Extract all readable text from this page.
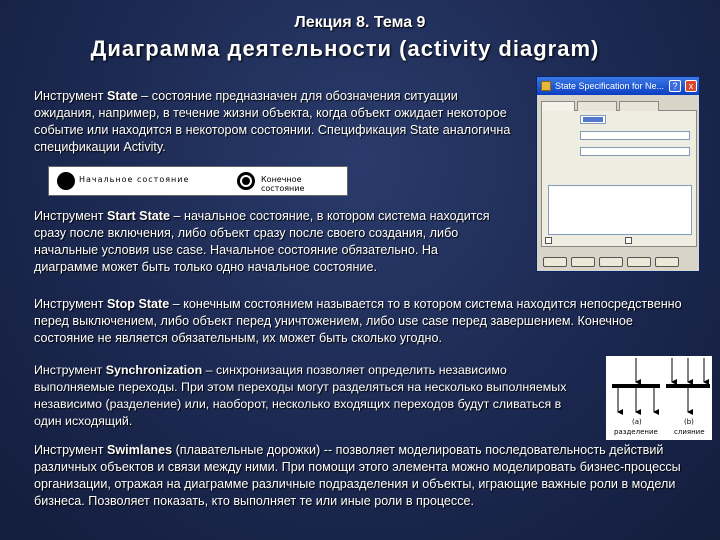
Лекция 8. Тема 9
Диаграмма деятельности (activity diagram)
Инструмент State – состояние предназначен для обозначения ситуации ожидания, например, в течение жизни объекта, когда объект ожидает некоторое событие или находится в некотором состоянии. Спецификация State аналогична спецификации Activity.
Начальное состояние	Конечное состояние
State Specification for Ne... ?	x
Инструмент Start State – начальное состояние, в котором система находится сразу после включения, либо объект сразу после своего создания, либо начальные условия use case. Начальное состояние обязательно. На диаграмме может быть только одно начальное состояние.
Инструмент Stop State – конечным состоянием называется то в котором система находится непосредственно перед выключением, либо объект перед уничтожением, либо use case перед завершением. Конечное состояние не является обязательным, их может быть сколько угодно.
Инструмент Synchronization – синхронизация позволяет определить независимо выполняемые переходы. При этом переходы могут разделяться на несколько выполняемых независимо (разделение) или, наоборот, несколько входящих переходов будут сливаться в один исходящий.	(a)
разделение
(b)
слияние
Инструмент Swimlanes (плавательные дорожки) -- позволяет моделировать последовательность действий различных объектов и связи между ними. При помощи этого элемента можно моделировать бизнес-процессы организации, отражая на диаграмме различные подразделения и объекты, играющие важные роли в модели бизнеса. Позволяет показать, кто выполняет те или иные роли в процессе.
